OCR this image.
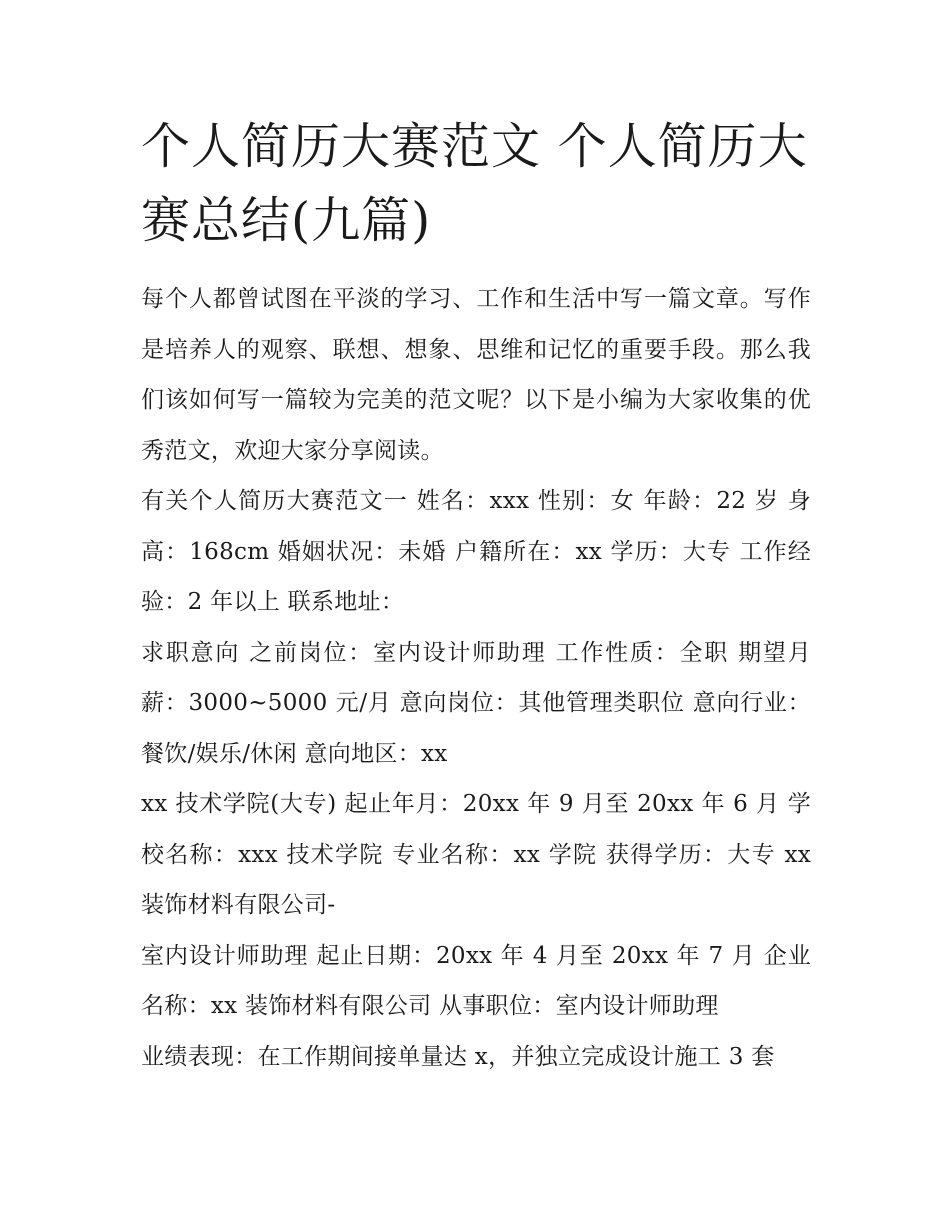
个人简历大赛范文 个人简历大赛总结(九篇)

每个人都曾试图在平淡的学习、工作和生活中写一篇文章。写作是培养人的观察、联想、想象、思维和记忆的重要手段。那么我们该如何写一篇较为完美的范文呢？以下是小编为大家收集的优秀范文，欢迎大家分享阅读。

有关个人简历大赛范文一 姓名：xxx 性别：女 年龄：22 岁 身高：168cm 婚姻状况：未婚 户籍所在：xx 学历：大专 工作经验：2 年以上 联系地址：

求职意向 之前岗位：室内设计师助理 工作性质：全职 期望月薪：3000~5000 元/月 意向岗位：其他管理类职位 意向行业：餐饮/娱乐/休闲 意向地区：xx

xx 技术学院(大专) 起止年月：20xx 年 9 月至 20xx 年 6 月 学校名称：xxx 技术学院 专业名称：xx 学院 获得学历：大专 xx 装饰材料有限公司-

室内设计师助理 起止日期：20xx 年 4 月至 20xx 年 7 月 企业名称：xx 装饰材料有限公司 从事职位：室内设计师助理

业绩表现：在工作期间接单量达 x，并独立完成设计施工 3 套
